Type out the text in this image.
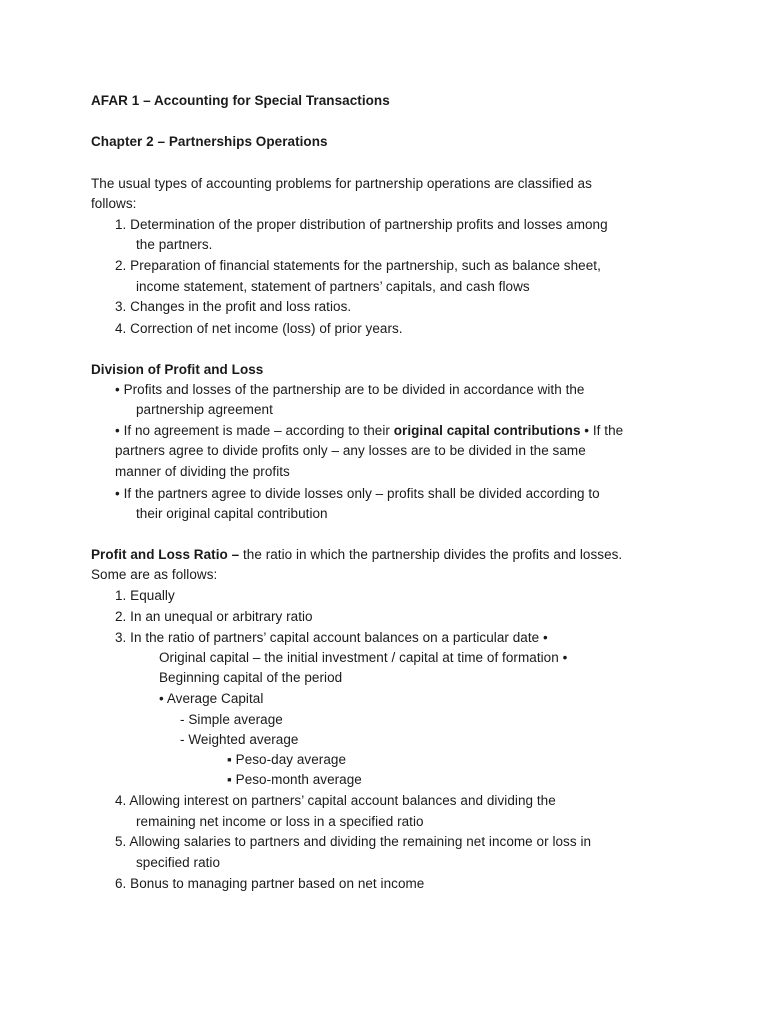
AFAR 1 – Accounting for Special Transactions
Chapter 2 – Partnerships Operations
The usual types of accounting problems for partnership operations are classified as
follows:
1. Determination of the proper distribution of partnership profits and losses among
the partners.
2. Preparation of financial statements for the partnership, such as balance sheet,
income statement, statement of partners’ capitals, and cash flows
3. Changes in the profit and loss ratios.
4. Correction of net income (loss) of prior years.
Division of Profit and Loss
• Profits and losses of the partnership are to be divided in accordance with the
partnership agreement
• If no agreement is made – according to their original capital contributions • If the
partners agree to divide profits only – any losses are to be divided in the same
manner of dividing the profits
• If the partners agree to divide losses only – profits shall be divided according to
their original capital contribution
Profit and Loss Ratio – the ratio in which the partnership divides the profits and losses.
Some are as follows:
1. Equally
2. In an unequal or arbitrary ratio
3. In the ratio of partners’ capital account balances on a particular date •
Original capital – the initial investment / capital at time of formation •
Beginning capital of the period
• Average Capital
- Simple average
- Weighted average
▪ Peso-day average
▪ Peso-month average
4. Allowing interest on partners’ capital account balances and dividing the
remaining net income or loss in a specified ratio
5. Allowing salaries to partners and dividing the remaining net income or loss in
specified ratio
6. Bonus to managing partner based on net income
